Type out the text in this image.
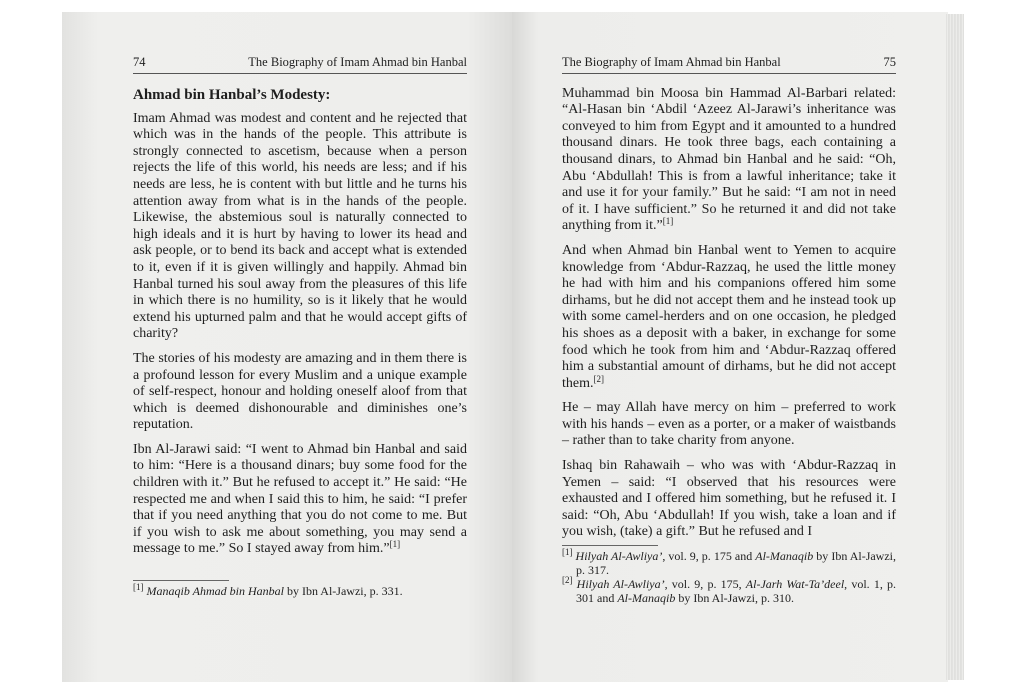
74	The Biography of Imam Ahmad bin Hanbal
Ahmad bin Hanbal’s Modesty:

Imam Ahmad was modest and content and he rejected that which was in the hands of the people. This attribute is strongly connected to ascetism, because when a person rejects the life of this world, his needs are less; and if his needs are less, he is content with but little and he turns his attention away from what is in the hands of the people. Likewise, the abstemious soul is naturally connected to high ideals and it is hurt by having to lower its head and ask people, or to bend its back and accept what is extended to it, even if it is given willingly and happily. Ahmad bin Hanbal turned his soul away from the pleasures of this life in which there is no humility, so is it likely that he would extend his upturned palm and that he would accept gifts of charity?

The stories of his modesty are amazing and in them there is a profound lesson for every Muslim and a unique example of self-respect, honour and holding oneself aloof from that which is deemed dishonourable and diminishes one’s reputation.

Ibn Al-Jarawi said: “I went to Ahmad bin Hanbal and said to him: “Here is a thousand dinars; buy some food for the children with it.” But he refused to accept it.” He said: “He respected me and when I said this to him, he said: “I prefer that if you need anything that you do not come to me. But if you wish to ask me about something, you may send a message to me.” So I stayed away from him.”[1]

[1] Manaqib Ahmad bin Hanbal by Ibn Al-Jawzi, p. 331.

The Biography of Imam Ahmad bin Hanbal	75

Muhammad bin Moosa bin Hammad Al-Barbari related: “Al-Hasan bin ‘Abdil ‘Azeez Al-Jarawi’s inheritance was conveyed to him from Egypt and it amounted to a hundred thousand dinars. He took three bags, each containing a thousand dinars, to Ahmad bin Hanbal and he said: “Oh, Abu ‘Abdullah! This is from a lawful inheritance; take it and use it for your family.” But he said: “I am not in need of it. I have sufficient.” So he returned it and did not take anything from it.”[1]

And when Ahmad bin Hanbal went to Yemen to acquire knowledge from ‘Abdur-Razzaq, he used the little money he had with him and his companions offered him some dirhams, but he did not accept them and he instead took up with some camel-herders and on one occasion, he pledged his shoes as a deposit with a baker, in exchange for some food which he took from him and ‘Abdur-Razzaq offered him a substantial amount of dirhams, but he did not accept them.[2]

He – may Allah have mercy on him – preferred to work with his hands – even as a porter, or a maker of waistbands – rather than to take charity from anyone.

Ishaq bin Rahawaih – who was with ‘Abdur-Razzaq in Yemen – said: “I observed that his resources were exhausted and I offered him something, but he refused it. I said: “Oh, Abu ‘Abdullah! If you wish, take a loan and if you wish, (take) a gift.” But he refused and I

[1] Hilyah Al-Awliya’, vol. 9, p. 175 and Al-Manaqib by Ibn Al-Jawzi, p. 317.

[2] Hilyah Al-Awliya’, vol. 9, p. 175, Al-Jarh Wat-Ta’deel, vol. 1, p. 301 and Al-Manaqib by Ibn Al-Jawzi, p. 310.
